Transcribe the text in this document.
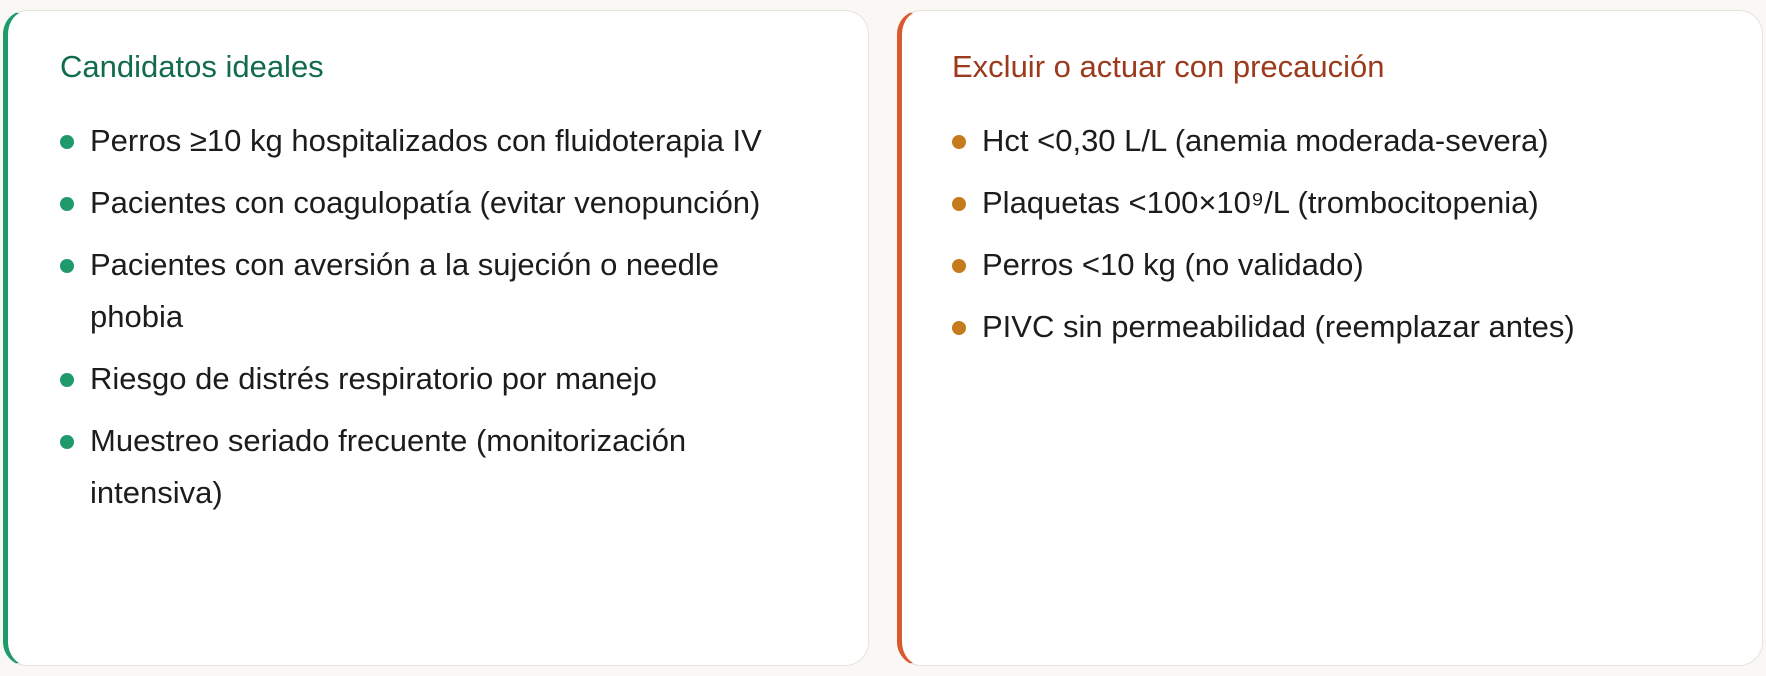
Candidatos ideales
Perros ≥10 kg hospitalizados con fluidoterapia IV
Pacientes con coagulopatía (evitar venopunción)
Pacientes con aversión a la sujeción o needle phobia
Riesgo de distrés respiratorio por manejo
Muestreo seriado frecuente (monitorización intensiva)
Excluir o actuar con precaución
Hct <0,30 L/L (anemia moderada-severa)
Plaquetas <100×10⁹/L (trombocitopenia)
Perros <10 kg (no validado)
PIVC sin permeabilidad (reemplazar antes)
